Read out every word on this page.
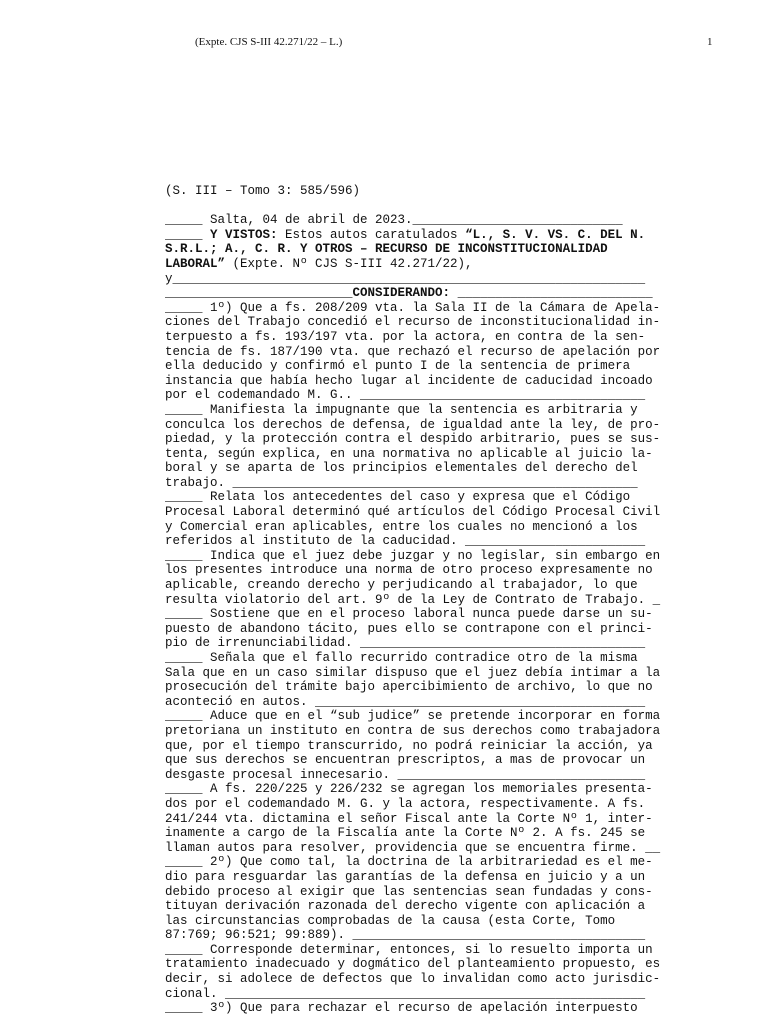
(Expte. CJS S-III 42.271/22 – L.)	1
(S. III – Tomo 3: 585/596)
_____ Salta, 04 de abril de 2023.____________________________
_____ Y VISTOS: Estos autos caratulados “L., S. V. VS. C. DEL N.
S.R.L.; A., C. R. Y OTROS – RECURSO DE INCONSTITUCIONALIDAD
LABORAL” (Expte. Nº CJS S-III 42.271/22),
y_______________________________________________________________
_________________________CONSIDERANDO: __________________________
_____ 1º) Que a fs. 208/209 vta. la Sala II de la Cámara de Apela-
ciones del Trabajo concedió el recurso de inconstitucionalidad in-
terpuesto a fs. 193/197 vta. por la actora, en contra de la sen-
tencia de fs. 187/190 vta. que rechazó el recurso de apelación por
ella deducido y confirmó el punto I de la sentencia de primera
instancia que había hecho lugar al incidente de caducidad incoado
por el codemandado M. G.. ______________________________________
_____ Manifiesta la impugnante que la sentencia es arbitraria y
conculca los derechos de defensa, de igualdad ante la ley, de pro-
piedad, y la protección contra el despido arbitrario, pues se sus-
tenta, según explica, en una normativa no aplicable al juicio la-
boral y se aparta de los principios elementales del derecho del
trabajo. ______________________________________________________
_____ Relata los antecedentes del caso y expresa que el Código
Procesal Laboral determinó qué artículos del Código Procesal Civil
y Comercial eran aplicables, entre los cuales no mencionó a los
referidos al instituto de la caducidad. ________________________
_____ Indica que el juez debe juzgar y no legislar, sin embargo en
los presentes introduce una norma de otro proceso expresamente no
aplicable, creando derecho y perjudicando al trabajador, lo que
resulta violatorio del art. 9º de la Ley de Contrato de Trabajo. _
_____ Sostiene que en el proceso laboral nunca puede darse un su-
puesto de abandono tácito, pues ello se contrapone con el princi-
pio de irrenunciabilidad. ______________________________________
_____ Señala que el fallo recurrido contradice otro de la misma
Sala que en un caso similar dispuso que el juez debía intimar a la
prosecución del trámite bajo apercibimiento de archivo, lo que no
aconteció en autos. ____________________________________________
_____ Aduce que en el “sub judice” se pretende incorporar en forma
pretoriana un instituto en contra de sus derechos como trabajadora
que, por el tiempo transcurrido, no podrá reiniciar la acción, ya
que sus derechos se encuentran prescriptos, a mas de provocar un
desgaste procesal innecesario. _________________________________
_____ A fs. 220/225 y 226/232 se agregan los memoriales presenta-
dos por el codemandado M. G. y la actora, respectivamente. A fs.
241/244 vta. dictamina el señor Fiscal ante la Corte Nº 1, inter-
inamente a cargo de la Fiscalía ante la Corte Nº 2. A fs. 245 se
llaman autos para resolver, providencia que se encuentra firme. __
_____ 2º) Que como tal, la doctrina de la arbitrariedad es el me-
dio para resguardar las garantías de la defensa en juicio y a un
debido proceso al exigir que las sentencias sean fundadas y cons-
tituyan derivación razonada del derecho vigente con aplicación a
las circunstancias comprobadas de la causa (esta Corte, Tomo
87:769; 96:521; 99:889). _______________________________________
_____ Corresponde determinar, entonces, si lo resuelto importa un
tratamiento inadecuado y dogmático del planteamiento propuesto, es
decir, si adolece de defectos que lo invalidan como acto jurisdic-
cional. ________________________________________________________
_____ 3º) Que para rechazar el recurso de apelación interpuesto
